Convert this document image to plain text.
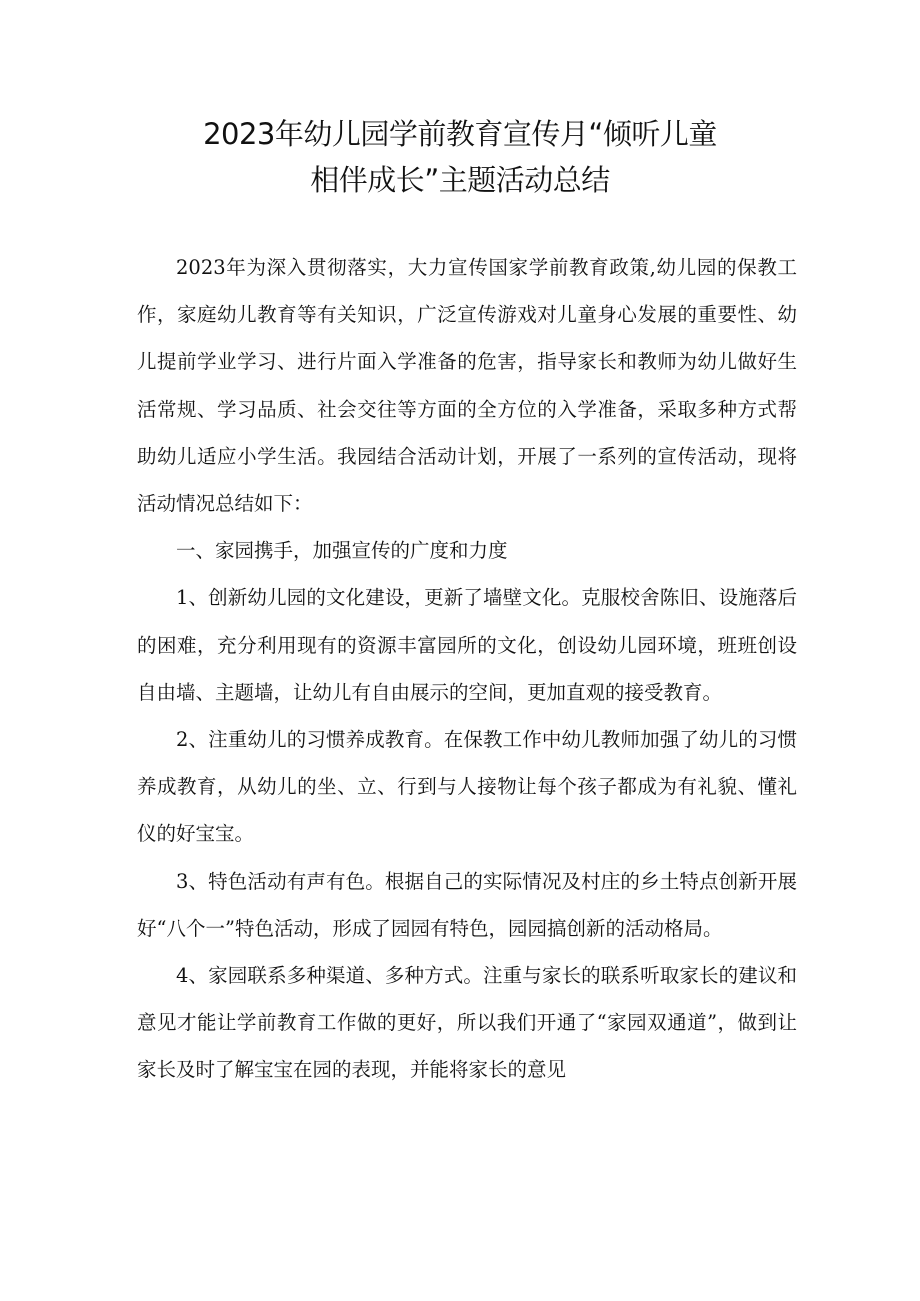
2023年幼儿园学前教育宣传月“倾听儿童
相伴成长”主题活动总结

2023年为深入贯彻落实，大力宣传国家学前教育政策,幼儿园的保教工作，家庭幼儿教育等有关知识，广泛宣传游戏对儿童身心发展的重要性、幼儿提前学业学习、进行片面入学准备的危害，指导家长和教师为幼儿做好生活常规、学习品质、社会交往等方面的全方位的入学准备，采取多种方式帮助幼儿适应小学生活。我园结合活动计划，开展了一系列的宣传活动，现将活动情况总结如下：

一、家园携手，加强宣传的广度和力度

1、创新幼儿园的文化建设，更新了墙壁文化。克服校舍陈旧、设施落后的困难，充分利用现有的资源丰富园所的文化，创设幼儿园环境，班班创设自由墙、主题墙，让幼儿有自由展示的空间，更加直观的接受教育。

2、注重幼儿的习惯养成教育。在保教工作中幼儿教师加强了幼儿的习惯养成教育，从幼儿的坐、立、行到与人接物让每个孩子都成为有礼貌、懂礼仪的好宝宝。

3、特色活动有声有色。根据自己的实际情况及村庄的乡土特点创新开展好“八个一”特色活动，形成了园园有特色，园园搞创新的活动格局。

4、家园联系多种渠道、多种方式。注重与家长的联系听取家长的建议和意见才能让学前教育工作做的更好，所以我们开通了“家园双通道”，做到让家长及时了解宝宝在园的表现，并能将家长的意见
